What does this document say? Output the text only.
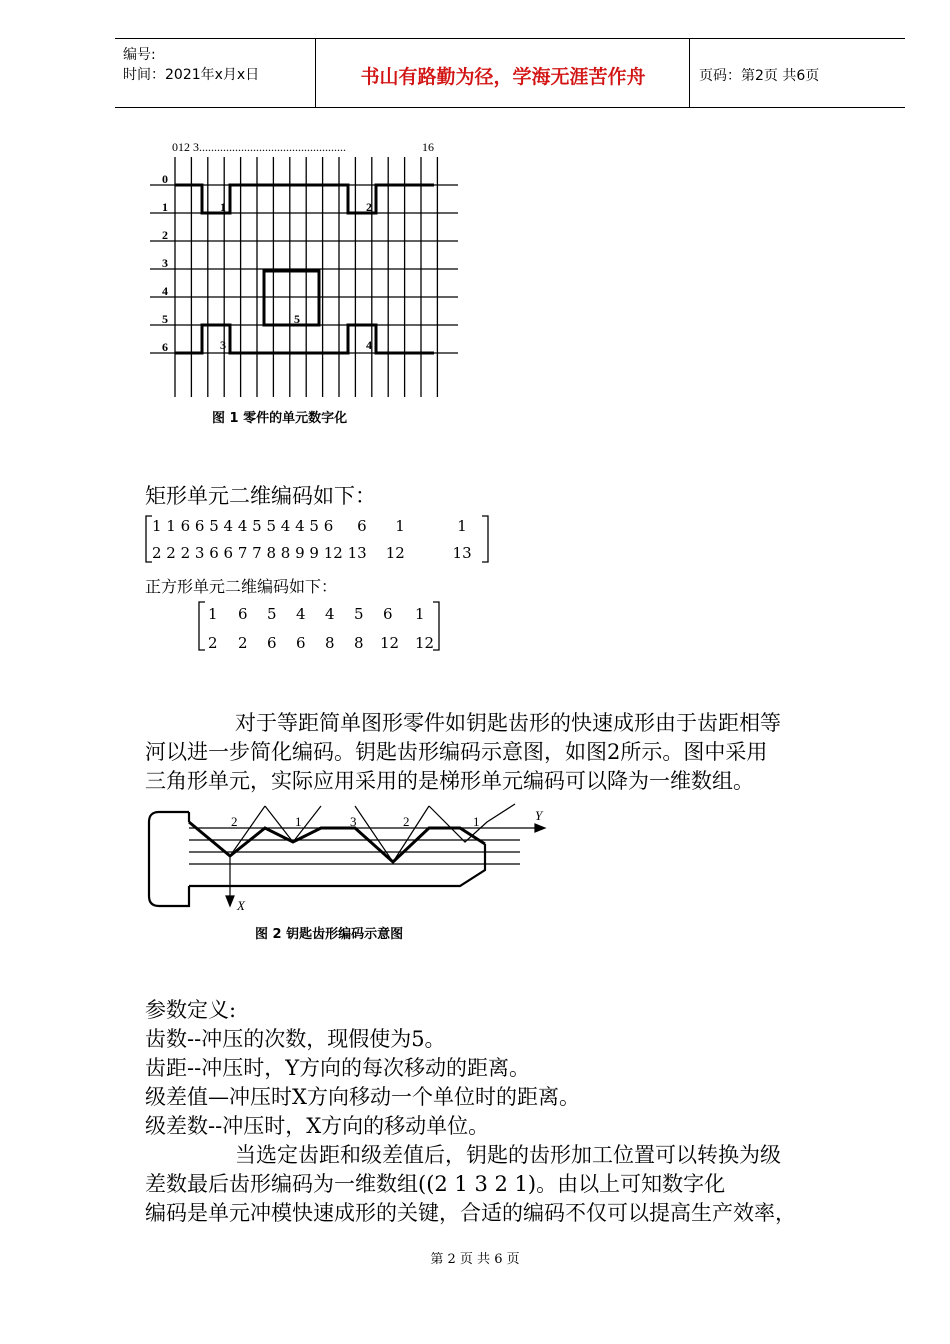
编号:
时间：2021年x月x日	书山有路勤为径，学海无涯苦作舟	页码：第2页 共6页
012 3 .................................................	16
0
1
2
3
4
5
6
1	2
3	4
5
图 1 零件的单元数字化
矩形单元二维编码如下：
1 1 6 6 5 4 4 5 5 4 4 5 6     6      1           1
2 2 2 3 6 6 7 7 8 8 9 9 12 13    12          13
正方形单元二维编码如下：
1 6 5 4 4 5 6 1
2 2 6 6 8 8 12 12
对于等距简单图形零件如钥匙齿形的快速成形由于齿距相等
河以进一步简化编码。钥匙齿形编码示意图，如图2所示。图中采用
三角形单元，实际应用采用的是梯形单元编码可以降为一维数组。
2	1	3	2	1	Y
X
图 2 钥匙齿形编码示意图
参数定义:
齿数--冲压的次数，现假使为5。
齿距--冲压时，Y方向的每次移动的距离。
级差值—冲压时X方向移动一个单位时的距离。
级差数--冲压时，X方向的移动单位。
当选定齿距和级差值后，钥匙的齿形加工位置可以转换为级
差数最后齿形编码为一维数组((2 1 3 2 1)。由以上可知数字化
编码是单元冲模快速成形的关键，合适的编码不仅可以提高生产效率，
第 2 页 共 6 页
